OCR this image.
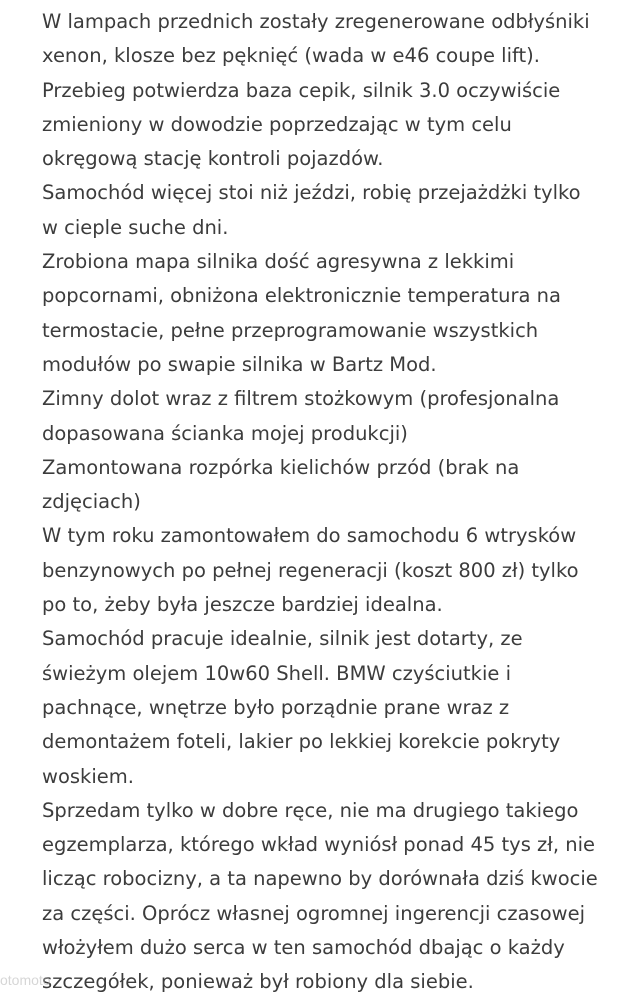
W lampach przednich zostały zregenerowane odbłyśniki
xenon, klosze bez pęknięć (wada w e46 coupe lift).
Przebieg potwierdza baza cepik, silnik 3.0 oczywiście
zmieniony w dowodzie poprzedzając w tym celu
okręgową stację kontroli pojazdów.
Samochód więcej stoi niż jeździ, robię przejażdżki tylko
w cieple suche dni.
Zrobiona mapa silnika dość agresywna z lekkimi
popcornami, obniżona elektronicznie temperatura na
termostacie, pełne przeprogramowanie wszystkich
modułów po swapie silnika w Bartz Mod.
Zimny dolot wraz z filtrem stożkowym (profesjonalna
dopasowana ścianka mojej produkcji)
Zamontowana rozpórka kielichów przód (brak na
zdjęciach)
W tym roku zamontowałem do samochodu 6 wtrysków
benzynowych po pełnej regeneracji (koszt 800 zł) tylko
po to, żeby była jeszcze bardziej idealna.
Samochód pracuje idealnie, silnik jest dotarty, ze
świeżym olejem 10w60 Shell. BMW czyściutkie i
pachnące, wnętrze było porządnie prane wraz z
demontażem foteli, lakier po lekkiej korekcie pokryty
woskiem.
Sprzedam tylko w dobre ręce, nie ma drugiego takiego
egzemplarza, którego wkład wyniósł ponad 45 tys zł, nie
licząc robocizny, a ta napewno by dorównała dziś kwocie
za części. Oprócz własnej ogromnej ingerencji czasowej
włożyłem dużo serca w ten samochód dbając o każdy
szczegółek, ponieważ był robiony dla siebie.
otomoto
